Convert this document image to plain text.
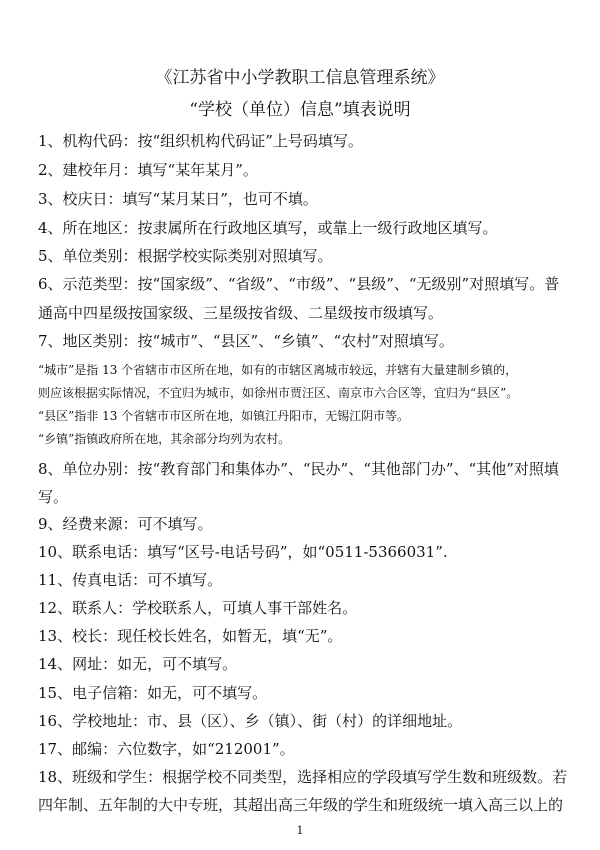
《江苏省中小学教职工信息管理系统》
“学校（单位）信息”填表说明
1、机构代码：按“组织机构代码证”上号码填写。
2、建校年月：填写“某年某月”。
3、校庆日：填写“某月某日”，也可不填。
4、所在地区：按隶属所在行政地区填写，或靠上一级行政地区填写。
5、单位类别：根据学校实际类别对照填写。
6、示范类型：按“国家级”、“省级”、“市级”、“县级”、“无级别”对照填写。普
通高中四星级按国家级、三星级按省级、二星级按市级填写。
7、地区类别：按“城市”、“县区”、“乡镇”、“农村”对照填写。
“城市”是指 13 个省辖市市区所在地，如有的市辖区离城市较远，并辖有大量建制乡镇的，
则应该根据实际情况，不宜归为城市，如徐州市贾汪区、南京市六合区等，宜归为“县区”。
“县区”指非 13 个省辖市市区所在地，如镇江丹阳市，无锡江阴市等。
“乡镇”指镇政府所在地，其余部分均列为农村。
8、单位办别：按“教育部门和集体办”、“民办”、“其他部门办”、“其他”对照填
写。
9、经费来源：可不填写。
10、联系电话：填写“区号-电话号码”，如“0511-5366031”.
11、传真电话：可不填写。
12、联系人：学校联系人，可填人事干部姓名。
13、校长：现任校长姓名，如暂无，填“无”。
14、网址：如无，可不填写。
15、电子信箱：如无，可不填写。
16、学校地址：市、县（区）、乡（镇）、街（村）的详细地址。
17、邮编：六位数字，如“212001”。
18、班级和学生：根据学校不同类型，选择相应的学段填写学生数和班级数。若
四年制、五年制的大中专班，其超出高三年级的学生和班级统一填入高三以上的
1
